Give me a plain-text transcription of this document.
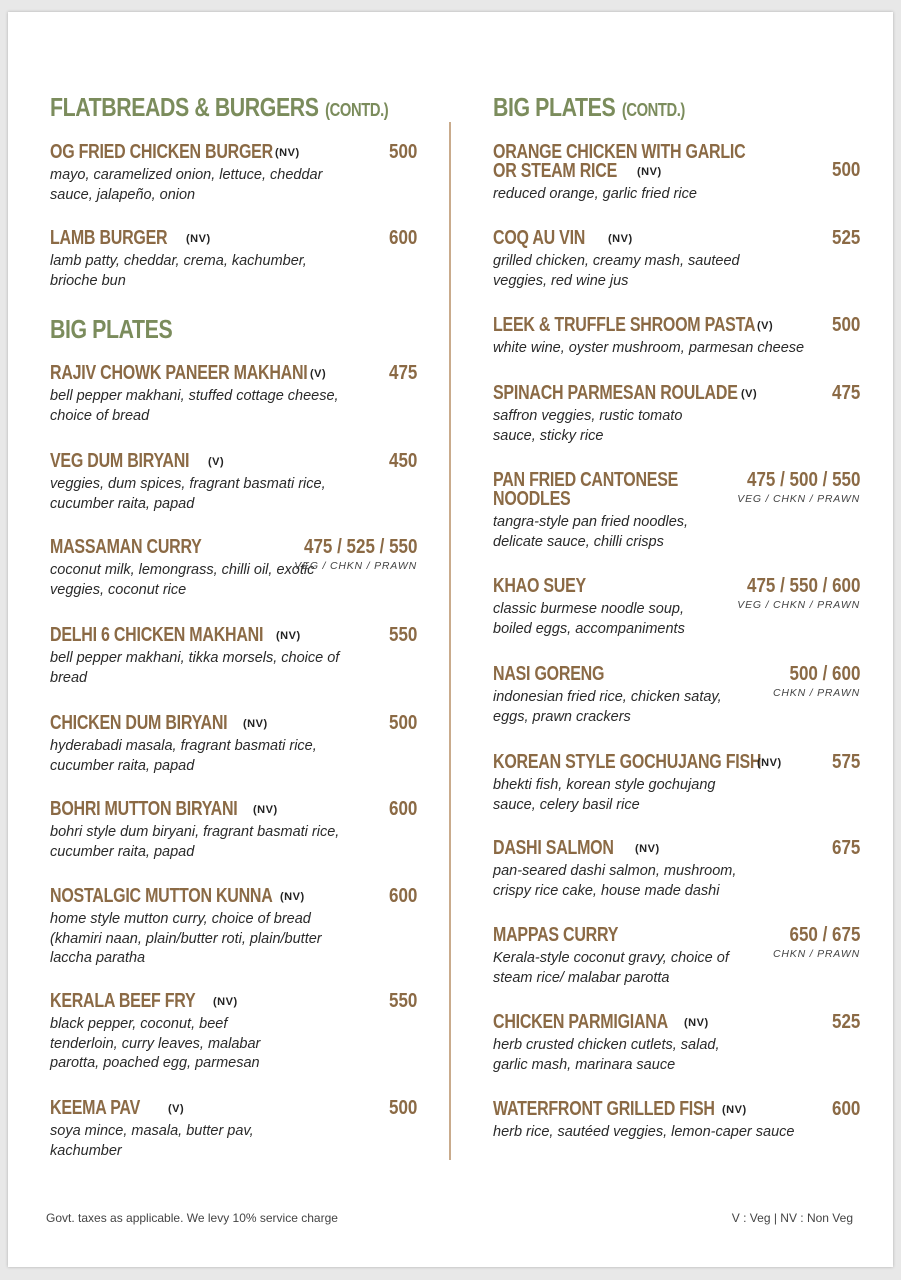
FLATBREADS & BURGERS (CONTD.)
OG FRIED CHICKEN BURGER (NV)	500
mayo, caramelized onion, lettuce, cheddar sauce, jalapeño, onion
LAMB BURGER (NV)	600
lamb patty, cheddar, crema, kachumber, brioche bun
BIG PLATES
RAJIV CHOWK PANEER MAKHANI (V)	475
bell pepper makhani, stuffed cottage cheese, choice of bread
VEG DUM BIRYANI (V)	450
veggies, dum spices, fragrant basmati rice, cucumber raita, papad
MASSAMAN CURRY	475 / 525 / 550
VEG / CHKN / PRAWN
coconut milk, lemongrass, chilli oil, exotic veggies, coconut rice
DELHI 6 CHICKEN MAKHANI (NV)	550
bell pepper makhani, tikka morsels, choice of bread
CHICKEN DUM BIRYANI (NV)	500
hyderabadi masala, fragrant basmati rice, cucumber raita, papad
BOHRI MUTTON BIRYANI (NV)	600
bohri style dum biryani, fragrant basmati rice, cucumber raita, papad
NOSTALGIC MUTTON KUNNA (NV)	600
home style mutton curry, choice of bread (khamiri naan, plain/butter roti, plain/butter laccha paratha
KERALA BEEF FRY (NV)	550
black pepper, coconut, beef tenderloin, curry leaves, malabar parotta, poached egg, parmesan
KEEMA PAV	(V)	500
soya mince, masala, butter pav, kachumber
BIG PLATES (CONTD.)
ORANGE CHICKEN WITH GARLIC
OR STEAM RICE (NV)	500
reduced orange, garlic fried rice
COQ AU VIN (NV)	525
grilled chicken, creamy mash, sauteed veggies, red wine jus
LEEK & TRUFFLE SHROOM PASTA (V)	500
white wine, oyster mushroom, parmesan cheese
SPINACH PARMESAN ROULADE (V)	475
saffron veggies, rustic tomato sauce, sticky rice
PAN FRIED CANTONESE
NOODLES
475 / 500 / 550
VEG / CHKN / PRAWN
tangra-style pan fried noodles, delicate sauce, chilli crisps
KHAO SUEY	475 / 550 / 600
VEG / CHKN / PRAWN
classic burmese noodle soup, boiled eggs, accompaniments
NASI GORENG	500 / 600
CHKN / PRAWN
indonesian fried rice, chicken satay, eggs, prawn crackers
KOREAN STYLE GOCHUJANG FISH
(NV)	575
bhekti fish, korean style gochujang sauce, celery basil rice
DASHI SALMON (NV)	675
pan-seared dashi salmon, mushroom, crispy rice cake, house made dashi
MAPPAS CURRY	650 / 675
CHKN / PRAWN
Kerala-style coconut gravy, choice of steam rice/ malabar parotta
CHICKEN PARMIGIANA (NV)	525
herb crusted chicken cutlets, salad, garlic mash, marinara sauce
WATERFRONT GRILLED FISH (NV)	600
herb rice, sautéed veggies, lemon-caper sauce
Govt. taxes as applicable. We levy 10% service charge	V : Veg | NV : Non Veg
